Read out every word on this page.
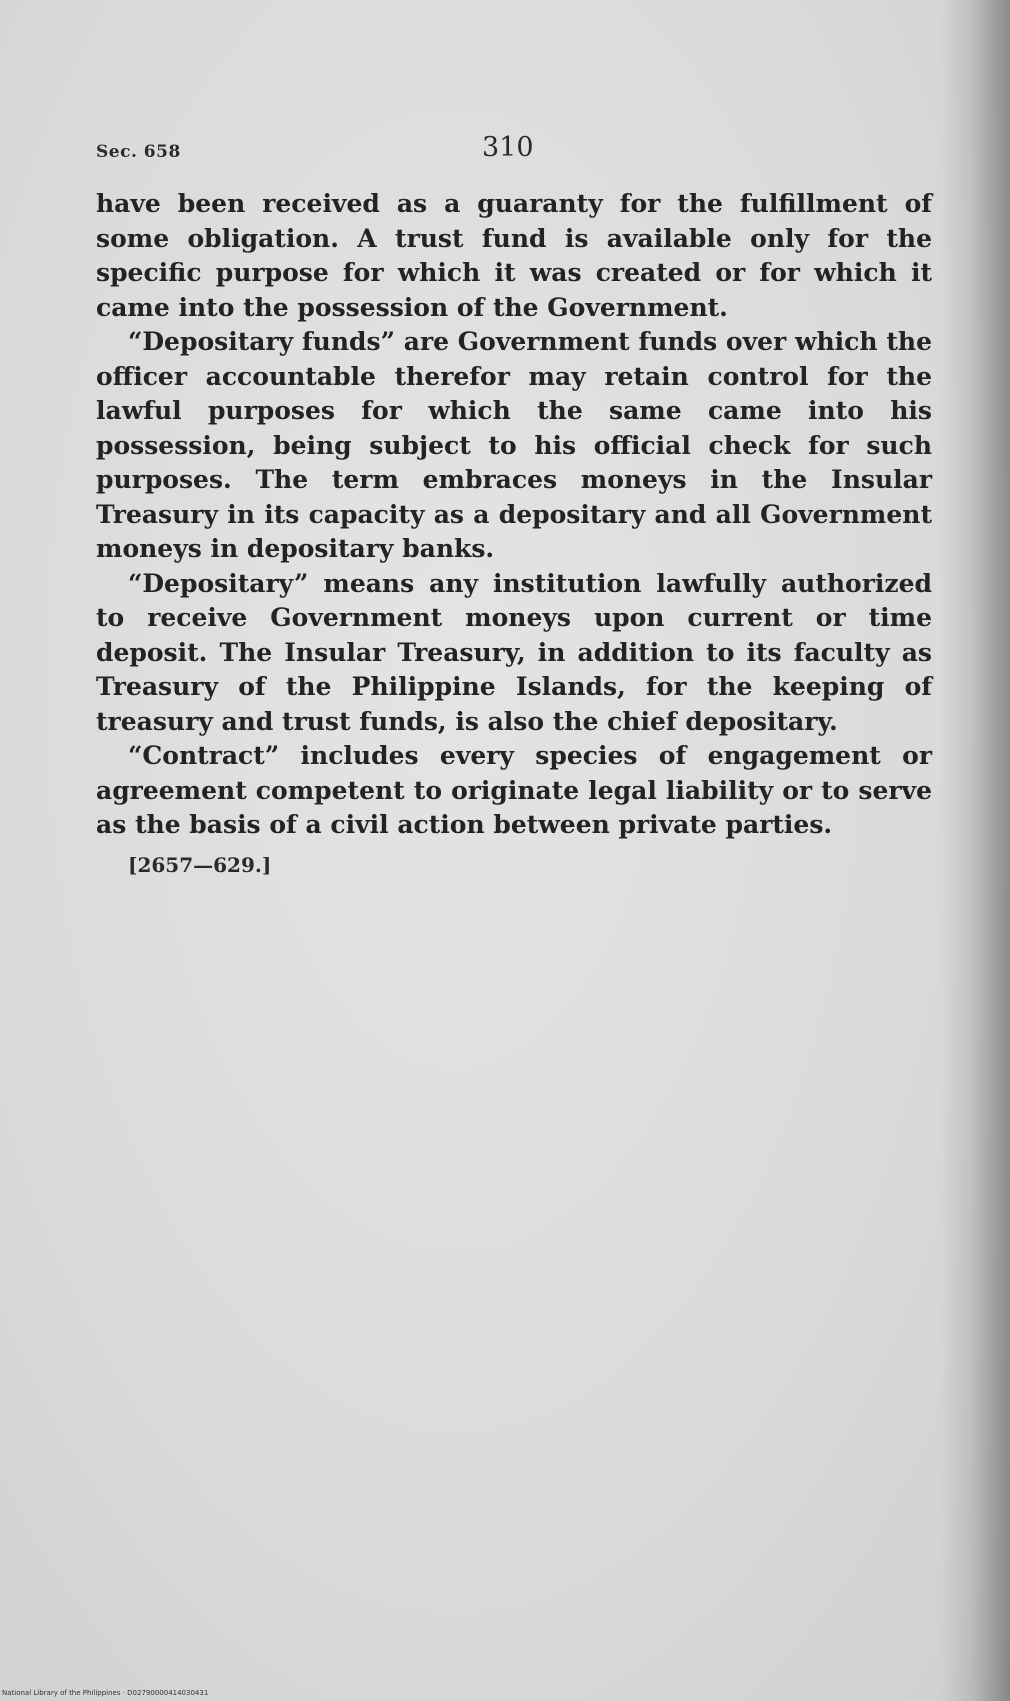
Sec. 658	310

have been received as a guaranty for the fulfillment of some obligation. A trust fund is available only for the specific purpose for which it was created or for which it came into the possession of the Government.

“Depositary funds” are Government funds over which the officer accountable therefor may retain control for the lawful purposes for which the same came into his possession, being subject to his official check for such purposes. The term embraces moneys in the Insular Treasury in its capacity as a depositary and all Government moneys in depositary banks.

“Depositary” means any institution lawfully authorized to receive Government moneys upon current or time deposit. The Insular Treasury, in addition to its faculty as Treasury of the Philippine Islands, for the keeping of treasury and trust funds, is also the chief depositary.

“Contract” includes every species of engagement or agreement competent to originate legal liability or to serve as the basis of a civil action between private parties.

[2657—629.]
National Library of the Philippines · D02790000414030431
